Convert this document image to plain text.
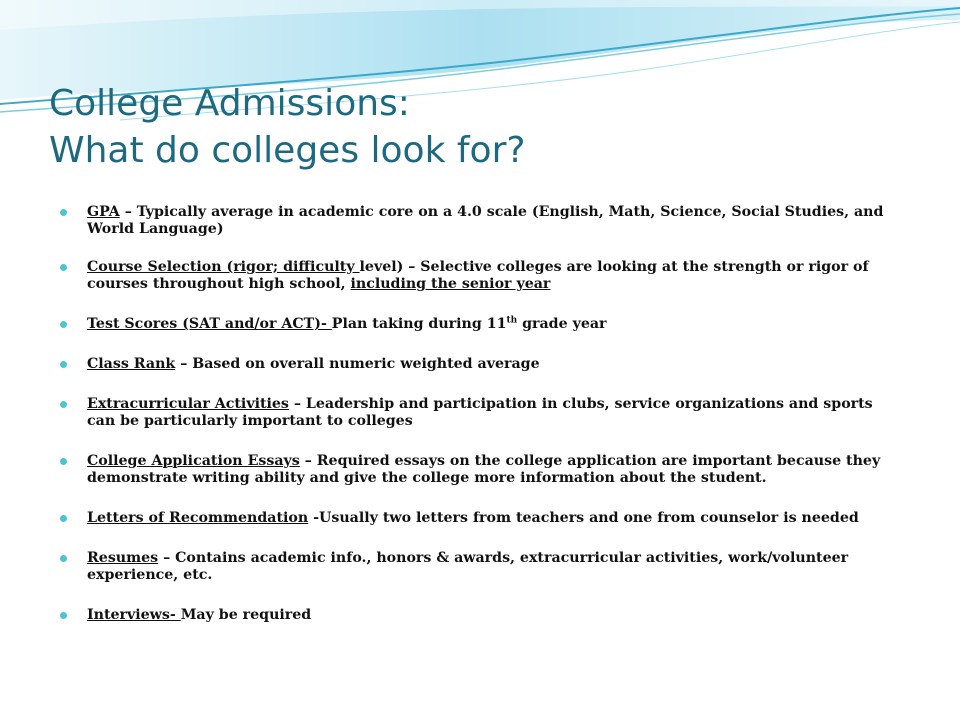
College Admissions:
What do colleges look for?
GPA – Typically average in academic core on a 4.0 scale (English, Math, Science, Social Studies, and World Language)
Course Selection (rigor; difficulty level) – Selective colleges are looking at the strength or rigor of courses throughout high school, including the senior year
Test Scores (SAT and/or ACT)- Plan taking during 11th grade year
Class Rank – Based on overall numeric weighted average
Extracurricular Activities – Leadership and participation in clubs, service organizations and sports can be particularly important to colleges
College Application Essays – Required essays on the college application are important because they demonstrate writing ability and give the college more information about the student.
Letters of Recommendation -Usually two letters from teachers and one from counselor is needed
Resumes – Contains academic info., honors & awards, extracurricular activities, work/volunteer experience, etc.
Interviews- May be required
